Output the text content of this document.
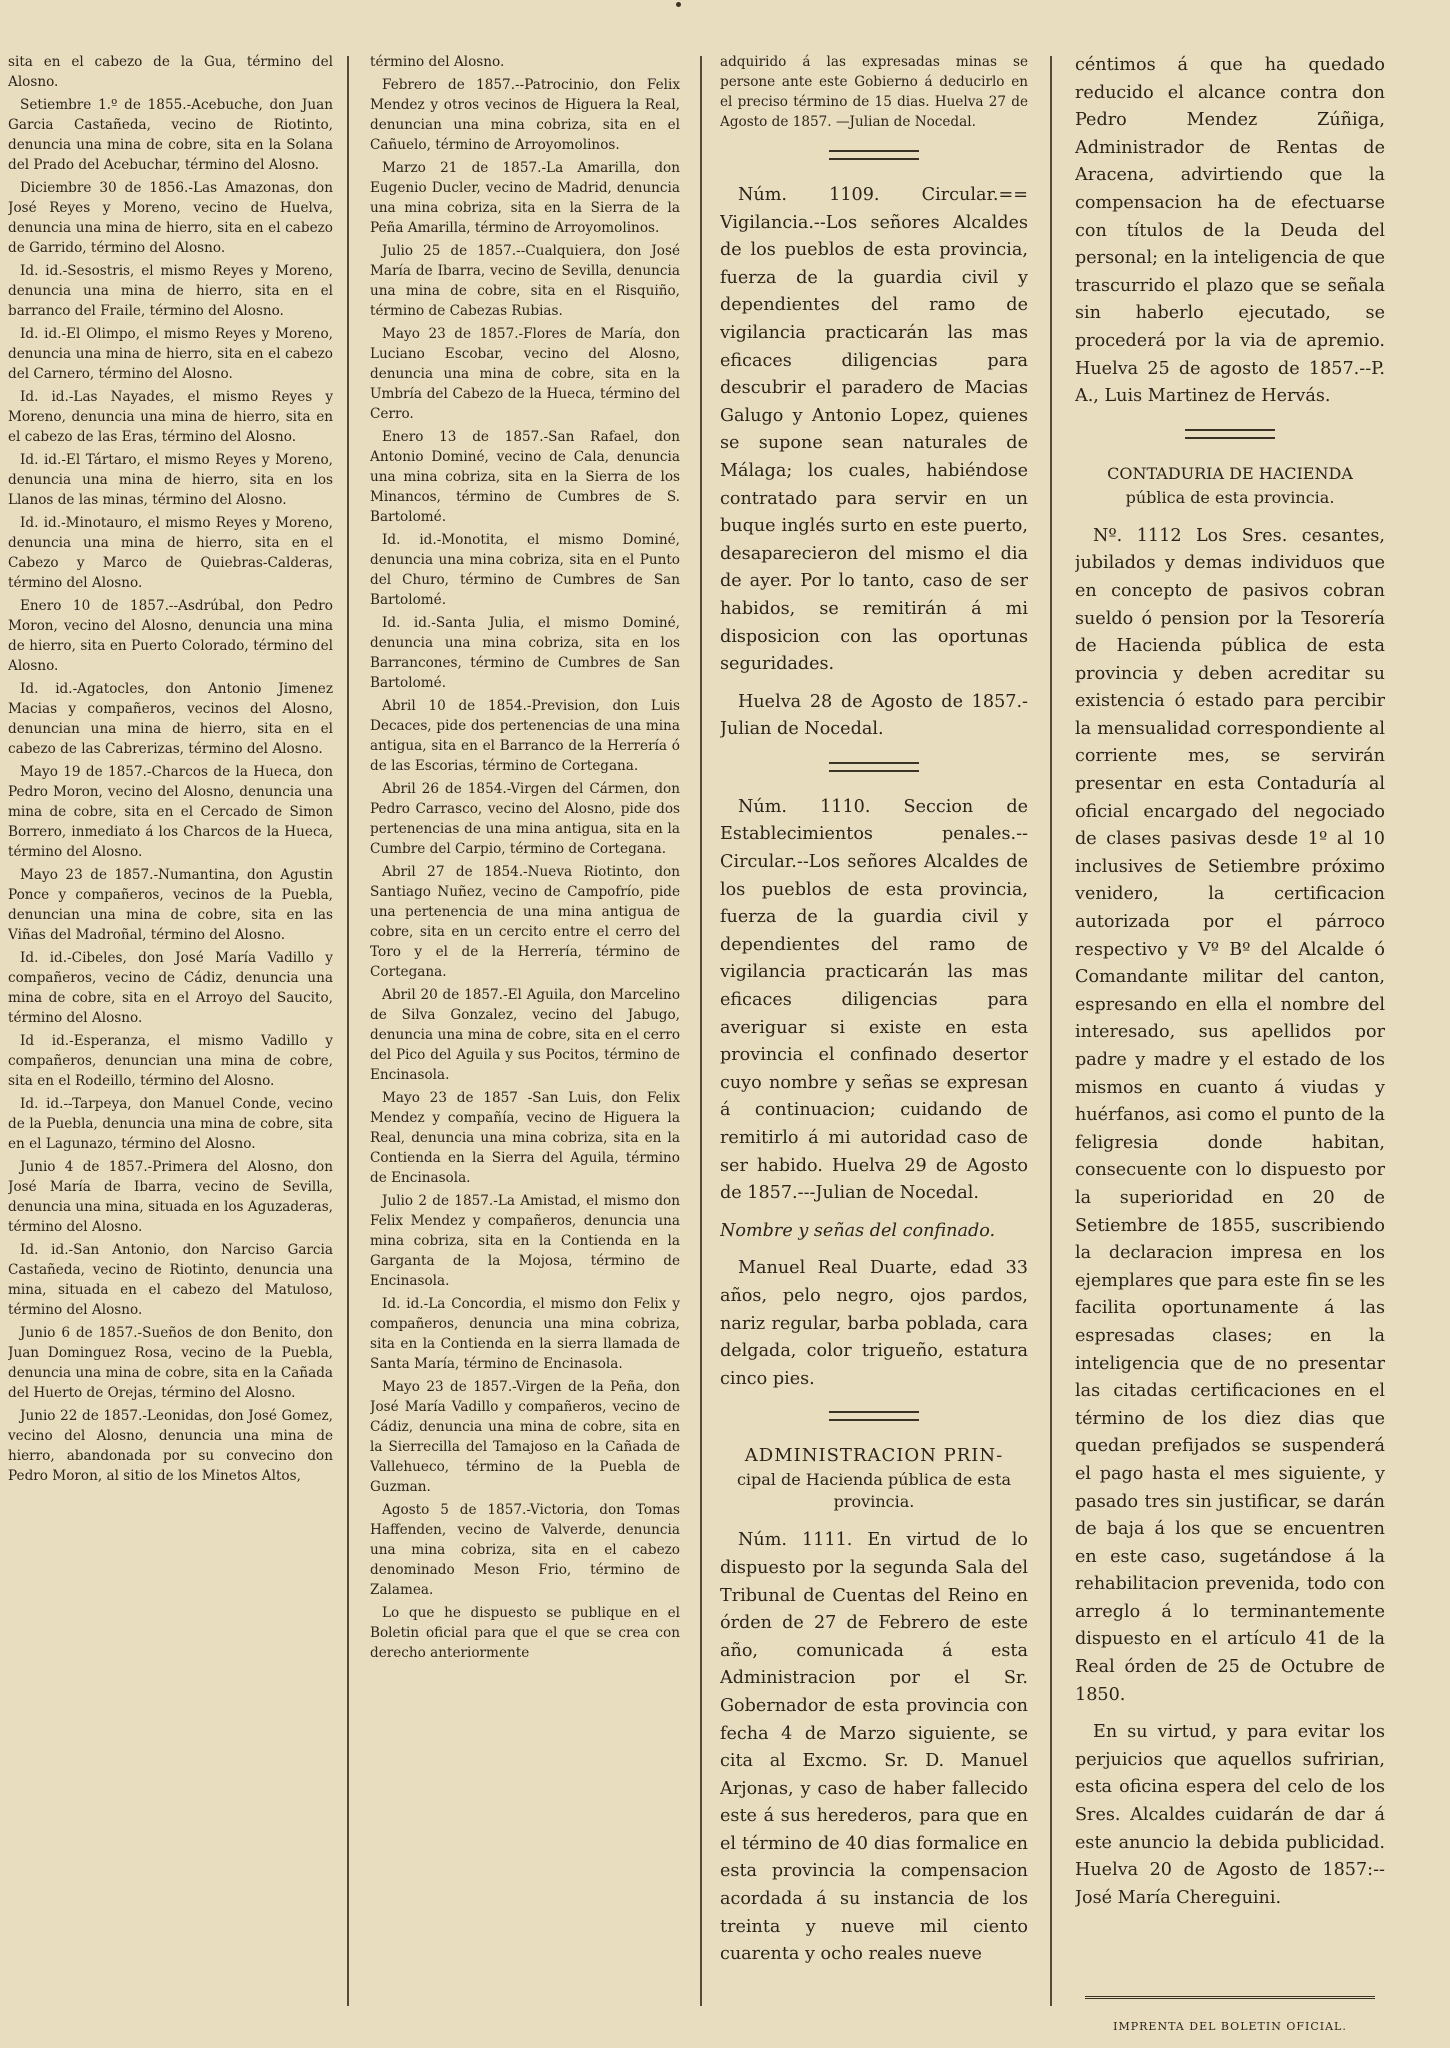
sita en el cabezo de la Gua, término del Alosno.

Setiembre 1.º de 1855.-Acebuche, don Juan Garcia Castañeda, vecino de Riotinto, denuncia una mina de cobre, sita en la Solana del Prado del Acebuchar, término del Alosno.

Diciembre 30 de 1856.-Las Amazonas, don José Reyes y Moreno, vecino de Huelva, denuncia una mina de hierro, sita en el cabezo de Garrido, término del Alosno.

Id. id.-Sesostris, el mismo Reyes y Moreno, denuncia una mina de hierro, sita en el barranco del Fraile, término del Alosno.

Id. id.-El Olimpo, el mismo Reyes y Moreno, denuncia una mina de hierro, sita en el cabezo del Carnero, término del Alosno.

Id. id.-Las Nayades, el mismo Reyes y Moreno, denuncia una mina de hierro, sita en el cabezo de las Eras, término del Alosno.

Id. id.-El Tártaro, el mismo Reyes y Moreno, denuncia una mina de hierro, sita en los Llanos de las minas, término del Alosno.

Id. id.-Minotauro, el mismo Reyes y Moreno, denuncia una mina de hierro, sita en el Cabezo y Marco de Quiebras-Calderas, término del Alosno.

Enero 10 de 1857.--Asdrúbal, don Pedro Moron, vecino del Alosno, denuncia una mina de hierro, sita en Puerto Colorado, término del Alosno.

Id. id.-Agatocles, don Antonio Jimenez Macias y compañeros, vecinos del Alosno, denuncian una mina de hierro, sita en el cabezo de las Cabrerizas, término del Alosno.

Mayo 19 de 1857.-Charcos de la Hueca, don Pedro Moron, vecino del Alosno, denuncia una mina de cobre, sita en el Cercado de Simon Borrero, inmediato á los Charcos de la Hueca, término del Alosno.

Mayo 23 de 1857.-Numantina, don Agustin Ponce y compañeros, vecinos de la Puebla, denuncian una mina de cobre, sita en las Viñas del Madroñal, término del Alosno.

Id. id.-Cibeles, don José María Vadillo y compañeros, vecino de Cádiz, denuncia una mina de cobre, sita en el Arroyo del Saucito, término del Alosno.

Id id.-Esperanza, el mismo Vadillo y compañeros, denuncian una mina de cobre, sita en el Rodeillo, término del Alosno.

Id. id.--Tarpeya, don Manuel Conde, vecino de la Puebla, denuncia una mina de cobre, sita en el Lagunazo, término del Alosno.

Junio 4 de 1857.-Primera del Alosno, don José María de Ibarra, vecino de Sevilla, denuncia una mina, situada en los Aguzaderas, término del Alosno.

Id. id.-San Antonio, don Narciso Garcia Castañeda, vecino de Riotinto, denuncia una mina, situada en el cabezo del Matuloso, término del Alosno.

Junio 6 de 1857.-Sueños de don Benito, don Juan Dominguez Rosa, vecino de la Puebla, denuncia una mina de cobre, sita en la Cañada del Huerto de Orejas, término del Alosno.

Junio 22 de 1857.-Leonidas, don José Gomez, vecino del Alosno, denuncia una mina de hierro, abandonada por su convecino don Pedro Moron, al sitio de los Minetos Altos,

término del Alosno.

Febrero de 1857.--Patrocinio, don Felix Mendez y otros vecinos de Higuera la Real, denuncian una mina cobriza, sita en el Cañuelo, término de Arroyomolinos.

Marzo 21 de 1857.-La Amarilla, don Eugenio Ducler, vecino de Madrid, denuncia una mina cobriza, sita en la Sierra de la Peña Amarilla, término de Arroyomolinos.

Julio 25 de 1857.--Cualquiera, don José María de Ibarra, vecino de Sevilla, denuncia una mina de cobre, sita en el Risquiño, término de Cabezas Rubias.

Mayo 23 de 1857.-Flores de María, don Luciano Escobar, vecino del Alosno, denuncia una mina de cobre, sita en la Umbría del Cabezo de la Hueca, término del Cerro.

Enero 13 de 1857.-San Rafael, don Antonio Dominé, vecino de Cala, denuncia una mina cobriza, sita en la Sierra de los Minancos, término de Cumbres de S. Bartolomé.

Id. id.-Monotita, el mismo Dominé, denuncia una mina cobriza, sita en el Punto del Churo, término de Cumbres de San Bartolomé.

Id. id.-Santa Julia, el mismo Dominé, denuncia una mina cobriza, sita en los Barrancones, término de Cumbres de San Bartolomé.

Abril 10 de 1854.-Prevision, don Luis Decaces, pide dos pertenencias de una mina antigua, sita en el Barranco de la Herrería ó de las Escorias, término de Cortegana.

Abril 26 de 1854.-Virgen del Cármen, don Pedro Carrasco, vecino del Alosno, pide dos pertenencias de una mina antigua, sita en la Cumbre del Carpio, término de Cortegana.

Abril 27 de 1854.-Nueva Riotinto, don Santiago Nuñez, vecino de Campofrío, pide una pertenencia de una mina antigua de cobre, sita en un cercito entre el cerro del Toro y el de la Herrería, término de Cortegana.

Abril 20 de 1857.-El Aguila, don Marcelino de Silva Gonzalez, vecino del Jabugo, denuncia una mina de cobre, sita en el cerro del Pico del Aguila y sus Pocitos, término de Encinasola.

Mayo 23 de 1857 -San Luis, don Felix Mendez y compañía, vecino de Higuera la Real, denuncia una mina cobriza, sita en la Contienda en la Sierra del Aguila, término de Encinasola.

Julio 2 de 1857.-La Amistad, el mismo don Felix Mendez y compañeros, denuncia una mina cobriza, sita en la Contienda en la Garganta de la Mojosa, término de Encinasola.

Id. id.-La Concordia, el mismo don Felix y compañeros, denuncia una mina cobriza, sita en la Contienda en la sierra llamada de Santa María, término de Encinasola.

Mayo 23 de 1857.-Virgen de la Peña, don José María Vadillo y compañeros, vecino de Cádiz, denuncia una mina de cobre, sita en la Sierrecilla del Tamajoso en la Cañada de Vallehueco, término de la Puebla de Guzman.

Agosto 5 de 1857.-Victoria, don Tomas Haffenden, vecino de Valverde, denuncia una mina cobriza, sita en el cabezo denominado Meson Frio, término de Zalamea.

Lo que he dispuesto se publique en el Boletin oficial para que el que se crea con derecho anteriormente

adquirido á las expresadas minas se persone ante este Gobierno á deducirlo en el preciso término de 15 dias. Huelva 27 de Agosto de 1857. —Julian de Nocedal.

Núm. 1109. Circular.== Vigilancia.--Los señores Alcaldes de los pueblos de esta provincia, fuerza de la guardia civil y dependientes del ramo de vigilancia practicarán las mas eficaces diligencias para descubrir el paradero de Macias Galugo y Antonio Lopez, quienes se supone sean naturales de Málaga; los cuales, habiéndose contratado para servir en un buque inglés surto en este puerto, desaparecieron del mismo el dia de ayer. Por lo tanto, caso de ser habidos, se remitirán á mi disposicion con las oportunas seguridades.

Huelva 28 de Agosto de 1857.-Julian de Nocedal.

Núm. 1110. Seccion de Establecimientos penales.--Circular.--Los señores Alcaldes de los pueblos de esta provincia, fuerza de la guardia civil y dependientes del ramo de vigilancia practicarán las mas eficaces diligencias para averiguar si existe en esta provincia el confinado desertor cuyo nombre y señas se expresan á continuacion; cuidando de remitirlo á mi autoridad caso de ser habido. Huelva 29 de Agosto de 1857.---Julian de Nocedal.

Nombre y señas del confinado.

Manuel Real Duarte, edad 33 años, pelo negro, ojos pardos, nariz regular, barba poblada, cara delgada, color trigueño, estatura cinco pies.

ADMINISTRACION PRIN-
cipal de Hacienda pública de esta provincia.

Núm. 1111. En virtud de lo dispuesto por la segunda Sala del Tribunal de Cuentas del Reino en órden de 27 de Febrero de este año, comunicada á esta Administracion por el Sr. Gobernador de esta provincia con fecha 4 de Marzo siguiente, se cita al Excmo. Sr. D. Manuel Arjonas, y caso de haber fallecido este á sus herederos, para que en el término de 40 dias formalice en esta provincia la compensacion acordada á su instancia de los treinta y nueve mil ciento cuarenta y ocho reales nueve

céntimos á que ha quedado reducido el alcance contra don Pedro Mendez Zúñiga, Administrador de Rentas de Aracena, advirtiendo que la compensacion ha de efectuarse con títulos de la Deuda del personal; en la inteligencia de que trascurrido el plazo que se señala sin haberlo ejecutado, se procederá por la via de apremio. Huelva 25 de agosto de 1857.--P. A., Luis Martinez de Hervás.

CONTADURIA DE HACIENDA
pública de esta provincia.

Nº. 1112 Los Sres. cesantes, jubilados y demas individuos que en concepto de pasivos cobran sueldo ó pension por la Tesorería de Hacienda pública de esta provincia y deben acreditar su existencia ó estado para percibir la mensualidad correspondiente al corriente mes, se servirán presentar en esta Contaduría al oficial encargado del negociado de clases pasivas desde 1º al 10 inclusives de Setiembre próximo venidero, la certificacion autorizada por el párroco respectivo y Vº Bº del Alcalde ó Comandante militar del canton, espresando en ella el nombre del interesado, sus apellidos por padre y madre y el estado de los mismos en cuanto á viudas y huérfanos, asi como el punto de la feligresia donde habitan, consecuente con lo dispuesto por la superioridad en 20 de Setiembre de 1855, suscribiendo la declaracion impresa en los ejemplares que para este fin se les facilita oportunamente á las espresadas clases; en la inteligencia que de no presentar las citadas certificaciones en el término de los diez dias que quedan prefijados se suspenderá el pago hasta el mes siguiente, y pasado tres sin justificar, se darán de baja á los que se encuentren en este caso, sugetándose á la rehabilitacion prevenida, todo con arreglo á lo terminantemente dispuesto en el artículo 41 de la Real órden de 25 de Octubre de 1850.

En su virtud, y para evitar los perjuicios que aquellos sufririan, esta oficina espera del celo de los Sres. Alcaldes cuidarán de dar á este anuncio la debida publicidad. Huelva 20 de Agosto de 1857:--José María Chereguini.

IMPRENTA DEL BOLETIN OFICIAL.
